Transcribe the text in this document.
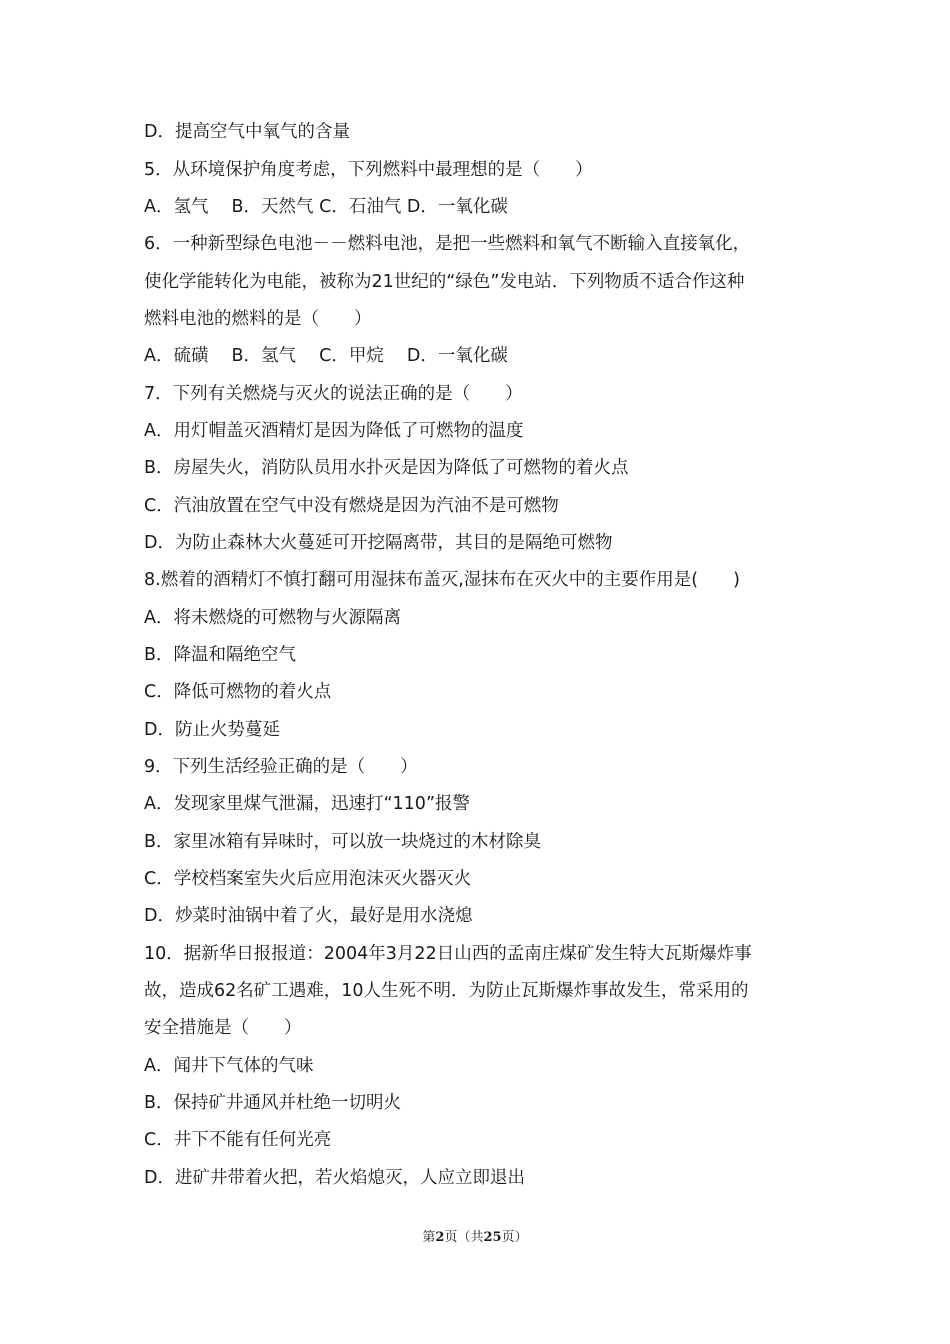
D．提高空气中氧气的含量
5．从环境保护角度考虑，下列燃料中最理想的是（　　）
A．氢气　 B．天然气 C．石油气 D．一氧化碳
6．一种新型绿色电池－－燃料电池，是把一些燃料和氧气不断输入直接氧化，
使化学能转化为电能，被称为21世纪的“绿色”发电站．下列物质不适合作这种
燃料电池的燃料的是（　　）
A．硫磺　 B．氢气　 C．甲烷　 D．一氧化碳
7．下列有关燃烧与灭火的说法正确的是（　　）
A．用灯帽盖灭酒精灯是因为降低了可燃物的温度
B．房屋失火，消防队员用水扑灭是因为降低了可燃物的着火点
C．汽油放置在空气中没有燃烧是因为汽油不是可燃物
D．为防止森林大火蔓延可开挖隔离带，其目的是隔绝可燃物
8.燃着的酒精灯不慎打翻可用湿抹布盖灭,湿抹布在灭火中的主要作用是(　　)
A．将未燃烧的可燃物与火源隔离
B．降温和隔绝空气
C．降低可燃物的着火点
D．防止火势蔓延
9．下列生活经验正确的是（　　）
A．发现家里煤气泄漏，迅速打“110”报警
B．家里冰箱有异味时，可以放一块烧过的木材除臭
C．学校档案室失火后应用泡沫灭火器灭火
D．炒菜时油锅中着了火，最好是用水浇熄
10．据新华日报报道：2004年3月22日山西的孟南庄煤矿发生特大瓦斯爆炸事
故，造成62名矿工遇难，10人生死不明．为防止瓦斯爆炸事故发生，常采用的
安全措施是（　　）
A．闻井下气体的气味
B．保持矿井通风并杜绝一切明火
C．井下不能有任何光亮
D．进矿井带着火把，若火焰熄灭，人应立即退出
第2页（共25页）
